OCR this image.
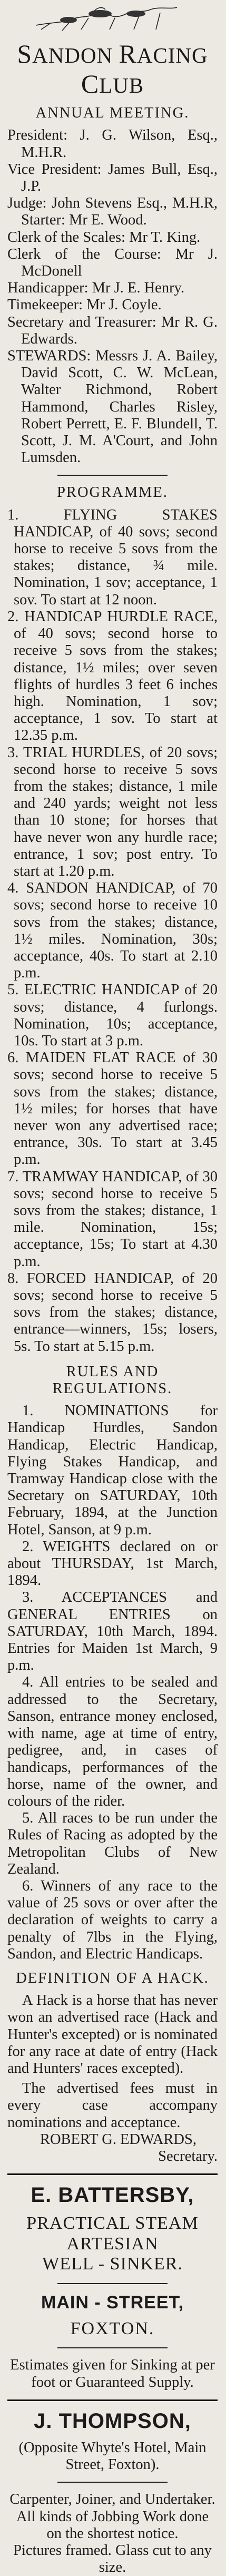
SANDON RACING CLUB
ANNUAL MEETING.
President: J. G. Wilson, Esq., M.H.R.
Vice President: James Bull, Esq., J.P.
Judge: John Stevens Esq., M.H.R, Starter: Mr E. Wood.
Clerk of the Scales: Mr T. King.
Clerk of the Course: Mr J. McDonell
Handicapper: Mr J. E. Henry.
Timekeeper: Mr J. Coyle.
Secretary and Treasurer: Mr R. G. Edwards.
STEWARDS: Messrs J. A. Bailey, David Scott, C. W. McLean, Walter Richmond, Robert Hammond, Charles Risley, Robert Perrett, E. F. Blundell, T. Scott, J. M. A'Court, and John Lumsden.
PROGRAMME.

1. FLYING STAKES HANDICAP, of 40 sovs; second horse to receive 5 sovs from the stakes; distance, ¾ mile. Nomination, 1 sov; acceptance, 1 sov. To start at 12 noon.

2. HANDICAP HURDLE RACE, of 40 sovs; second horse to receive 5 sovs from the stakes; distance, 1½ miles; over seven flights of hurdles 3 feet 6 inches high. Nomination, 1 sov; acceptance, 1 sov. To start at 12.35 p.m.

3. TRIAL HURDLES, of 20 sovs; second horse to receive 5 sovs from the stakes; distance, 1 mile and 240 yards; weight not less than 10 stone; for horses that have never won any hurdle race; entrance, 1 sov; post entry. To start at 1.20 p.m.

4. SANDON HANDICAP, of 70 sovs; second horse to receive 10 sovs from the stakes; distance, 1½ miles. Nomination, 30s; acceptance, 40s. To start at 2.10 p.m.

5. ELECTRIC HANDICAP of 20 sovs; distance, 4 furlongs. Nomination, 10s; acceptance, 10s. To start at 3 p.m.

6. MAIDEN FLAT RACE of 30 sovs; second horse to receive 5 sovs from the stakes; distance, 1½ miles; for horses that have never won any advertised race; entrance, 30s. To start at 3.45 p.m.

7. TRAMWAY HANDICAP, of 30 sovs; second horse to receive 5 sovs from the stakes; distance, 1 mile. Nomination, 15s; acceptance, 15s; To start at 4.30 p.m.

8. FORCED HANDICAP, of 20 sovs; second horse to receive 5 sovs from the stakes; distance, entrance—winners, 15s; losers, 5s. To start at 5.15 p.m.

RULES AND REGULATIONS.

1. NOMINATIONS for Handicap Hurdles, Sandon Handicap, Electric Handicap, Flying Stakes Handicap, and Tramway Handicap close with the Secretary on SATURDAY, 10th February, 1894, at the Junction Hotel, Sanson, at 9 p.m.

2. WEIGHTS declared on or about THURSDAY, 1st March, 1894.

3. ACCEPTANCES and GENERAL ENTRIES on SATURDAY, 10th March, 1894. Entries for Maiden 1st March, 9 p.m.

4. All entries to be sealed and addressed to the Secretary, Sanson, entrance money enclosed, with name, age at time of entry, pedigree, and, in cases of handicaps, performances of the horse, name of the owner, and colours of the rider.

5. All races to be run under the Rules of Racing as adopted by the Metropolitan Clubs of New Zealand.

6. Winners of any race to the value of 25 sovs or over after the declaration of weights to carry a penalty of 7lbs in the Flying, Sandon, and Electric Handicaps.

DEFINITION OF A HACK.

A Hack is a horse that has never won an advertised race (Hack and Hunter's excepted) or is nominated for any race at date of entry (Hack and Hunters' races excepted).

The advertised fees must in every case accompany nominations and acceptance.

ROBERT G. EDWARDS,
Secretary.
E. BATTERSBY,
PRACTICAL STEAM ARTESIAN
WELL - SINKER.
MAIN - STREET,
FOXTON.
Estimates given for Sinking at per foot or Guaranteed Supply.
J. THOMPSON,
(Opposite Whyte's Hotel, Main Street, Foxton).
Carpenter, Joiner, and Undertaker.
All kinds of Jobbing Work done on the shortest notice.
Pictures framed. Glass cut to any size.
